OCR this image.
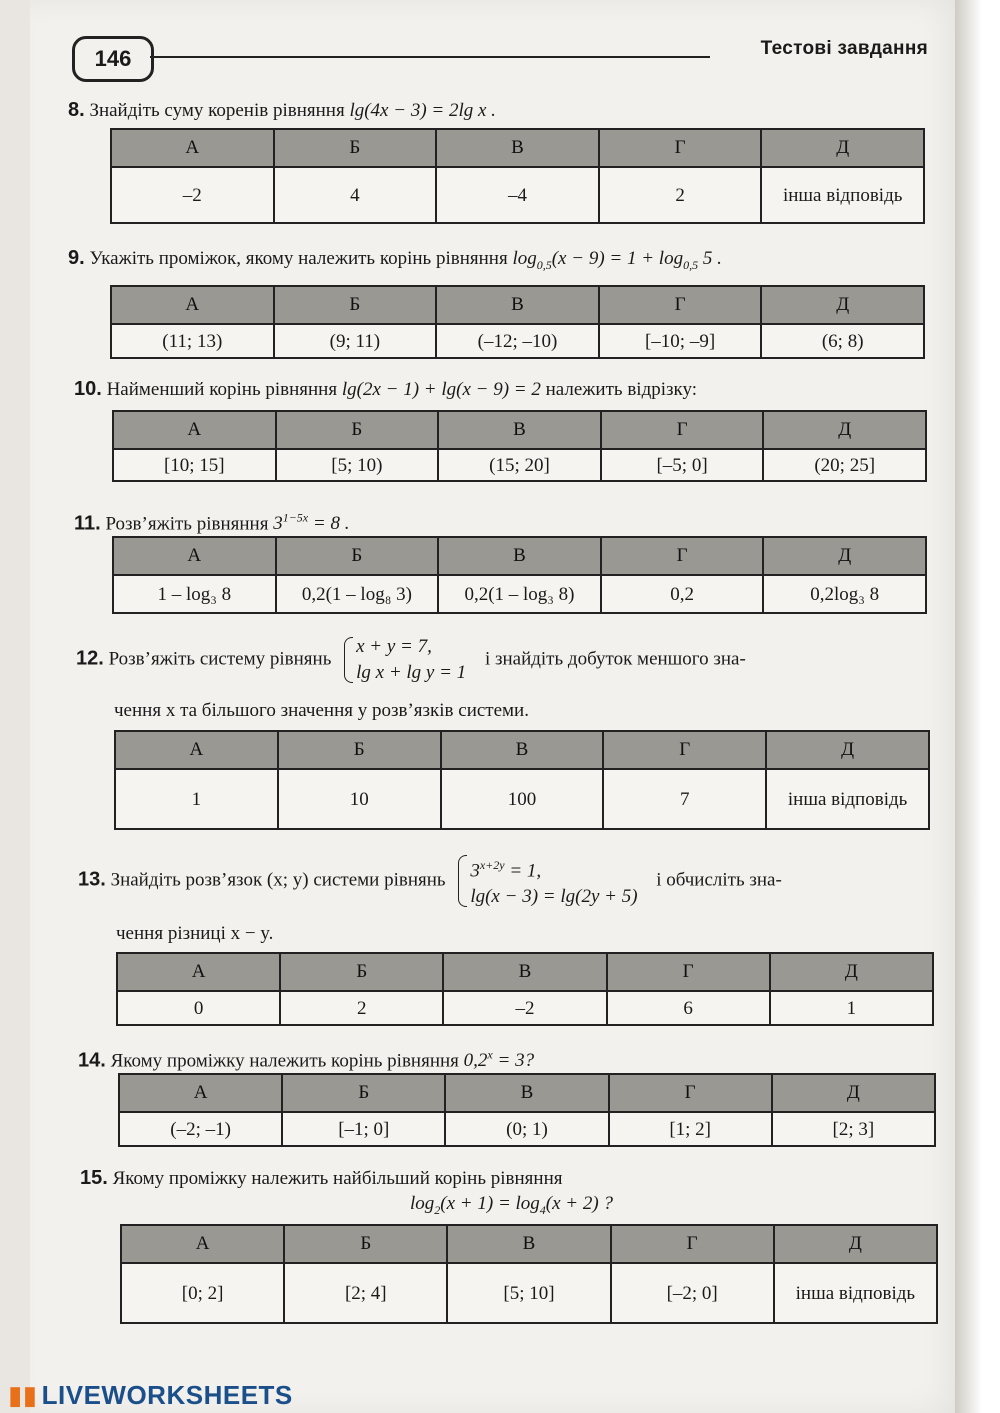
146	Тестові завдання
8. Знайдіть суму коренів рівняння lg(4x − 3) = 2lg x .
А	Б	В	Г	Д
–2	4	–4	2	інша відповідь
9. Укажіть проміжок, якому належить корінь рівняння $\log_{0,5}(x - 9) = 1 + \log_{0,5} 5$ .
А	Б	В	Г	Д
(11; 13)	(9; 11)	(–12; –10)	[–10; –9]	(6; 8)
10. Найменший корінь рівняння lg(2x − 1) + lg(x − 9) = 2 належить відрізку:
А	Б	В	Г	Д
[10; 15]	[5; 10)	(15; 20]	[–5; 0]	(20; 25]
11. Розв’яжіть рівняння $3^{1-5x} = 8$ .
А	Б	В	Г	Д
1 – log₃ 8	0,2(1 – log₈ 3)	0,2(1 – log₃ 8)	0,2	0,2log₃ 8
12. Розв’яжіть систему рівнянь
x + y = 7,
lg x + lg y = 1
і знайдіть добуток меншого зна-
чення x та більшого значення y розв’язків системи.
А	Б	В	Г	Д
1	10	100	7	інша відповідь
13. Знайдіть розв’язок (x; y) системи рівнянь $3^{x+2y} = 1$,
lg(x − 3) = lg(2y + 5)
і обчисліть зна-
чення різниці x − y.
А	Б	В	Г	Д
0	2	–2	6	1
14. Якому проміжку належить корінь рівняння $0,2^x = 3$?
А	Б	В	Г	Д
(–2; –1)	[–1; 0]	(0; 1)	[1; 2]	[2; 3]
15. Якому проміжку належить найбільший корінь рівняння
$\log_2(x + 1) = \log_4(x + 2)$ ?
А	Б	В	Г	Д
[0; 2]	[2; 4]	[5; 10]	[–2; 0]	інша відповідь
▮▮ LIVEWORKSHEETS
